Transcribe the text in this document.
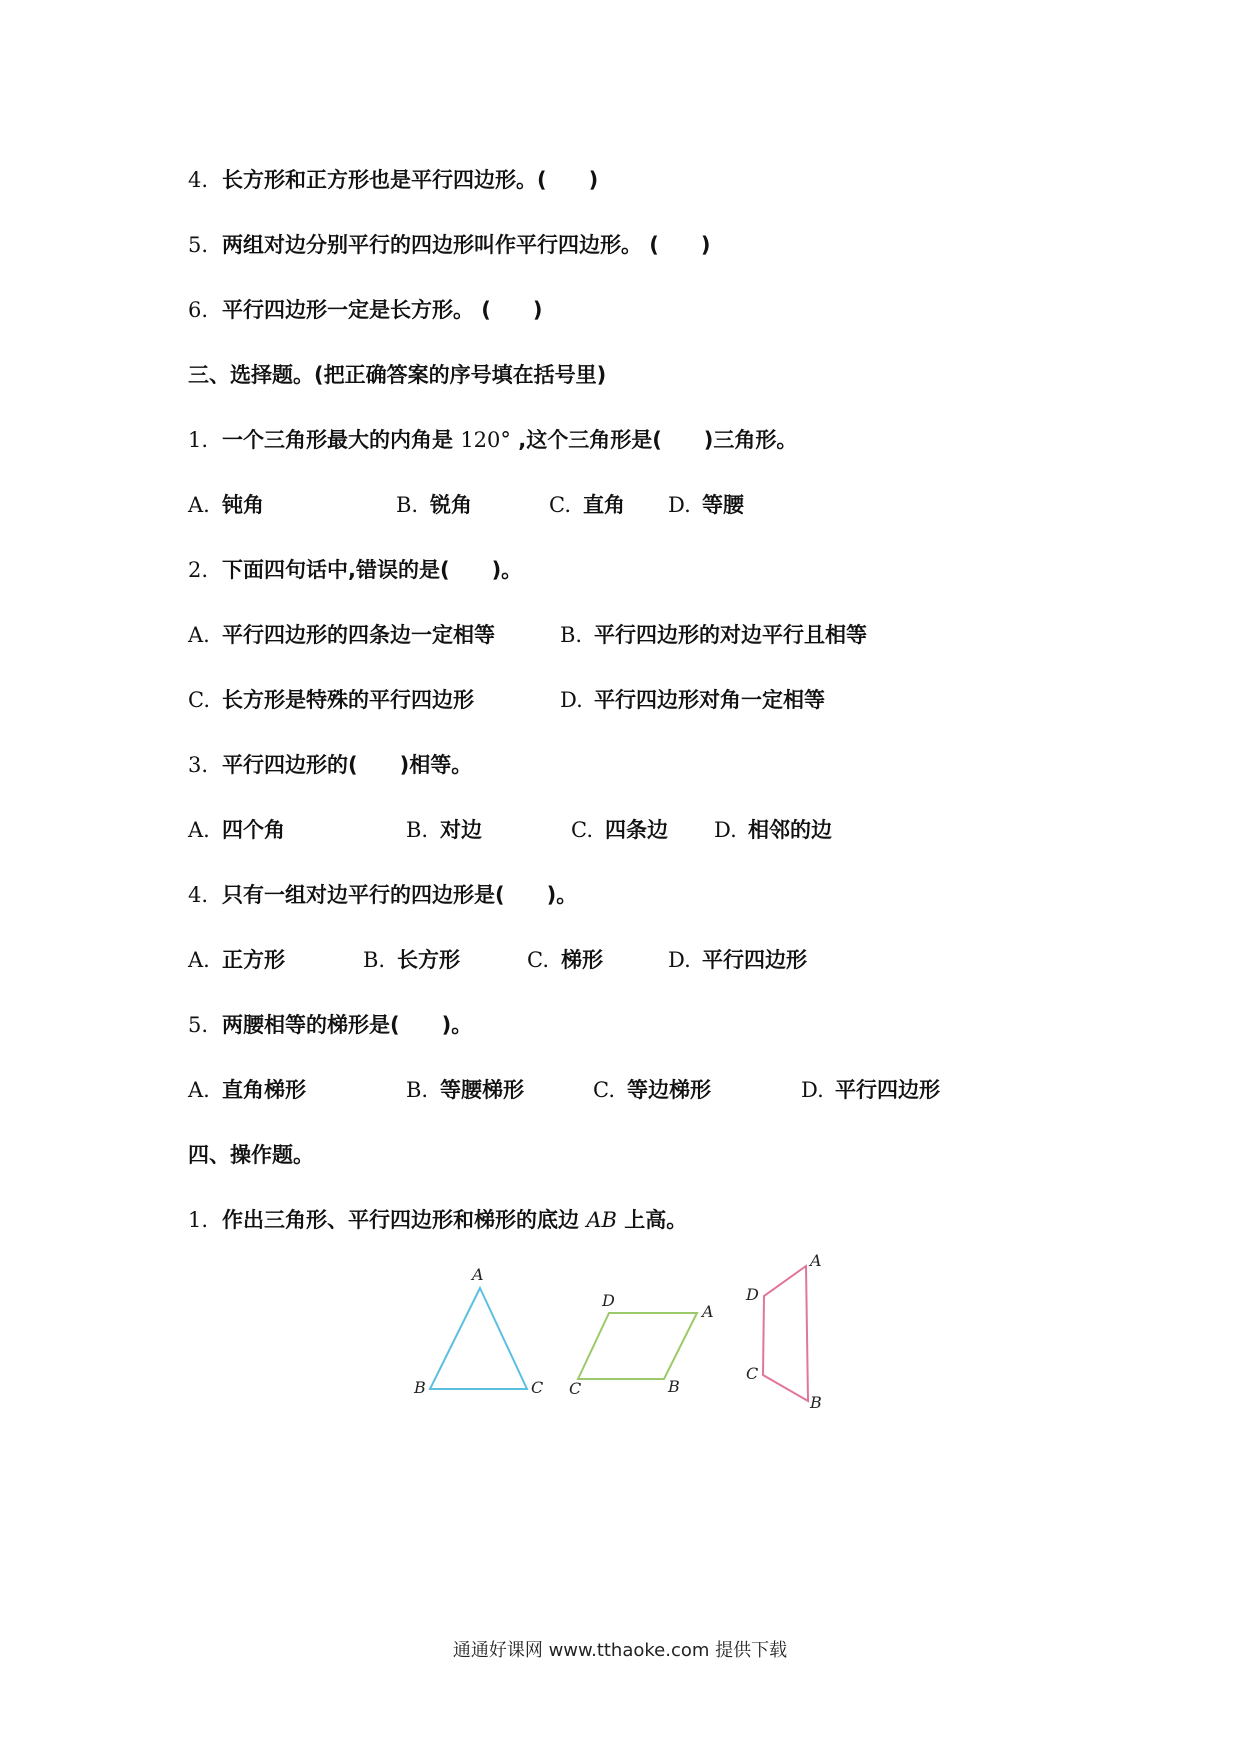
4. 长方形和正方形也是平行四边形。(　　)
5. 两组对边分别平行的四边形叫作平行四边形。 (　　)
6. 平行四边形一定是长方形。 (　　)
三、选择题。(把正确答案的序号填在括号里)
1. 一个三角形最大的内角是 120° ,这个三角形是(　　)三角形。
A. 钝角	B. 锐角	C. 直角 D. 等腰
2. 下面四句话中,错误的是(　　)。
A. 平行四边形的四条边一定相等	B. 平行四边形的对边平行且相等
C. 长方形是特殊的平行四边形	D. 平行四边形对角一定相等
3. 平行四边形的(　　)相等。
A. 四个角	B. 对边	C. 四条边 D. 相邻的边
4. 只有一组对边平行的四边形是(　　)。
A. 正方形	B. 长方形	C. 梯形	D. 平行四边形
5. 两腰相等的梯形是(　　)。
A. 直角梯形	B. 等腰梯形	C. 等边梯形	D. 平行四边形
四、操作题。
1. 作出三角形、平行四边形和梯形的底边 AB 上高。
A
B	C
D
A
C	B
A
D
C
B
通通好课网 www.tthaoke.com 提供下载
